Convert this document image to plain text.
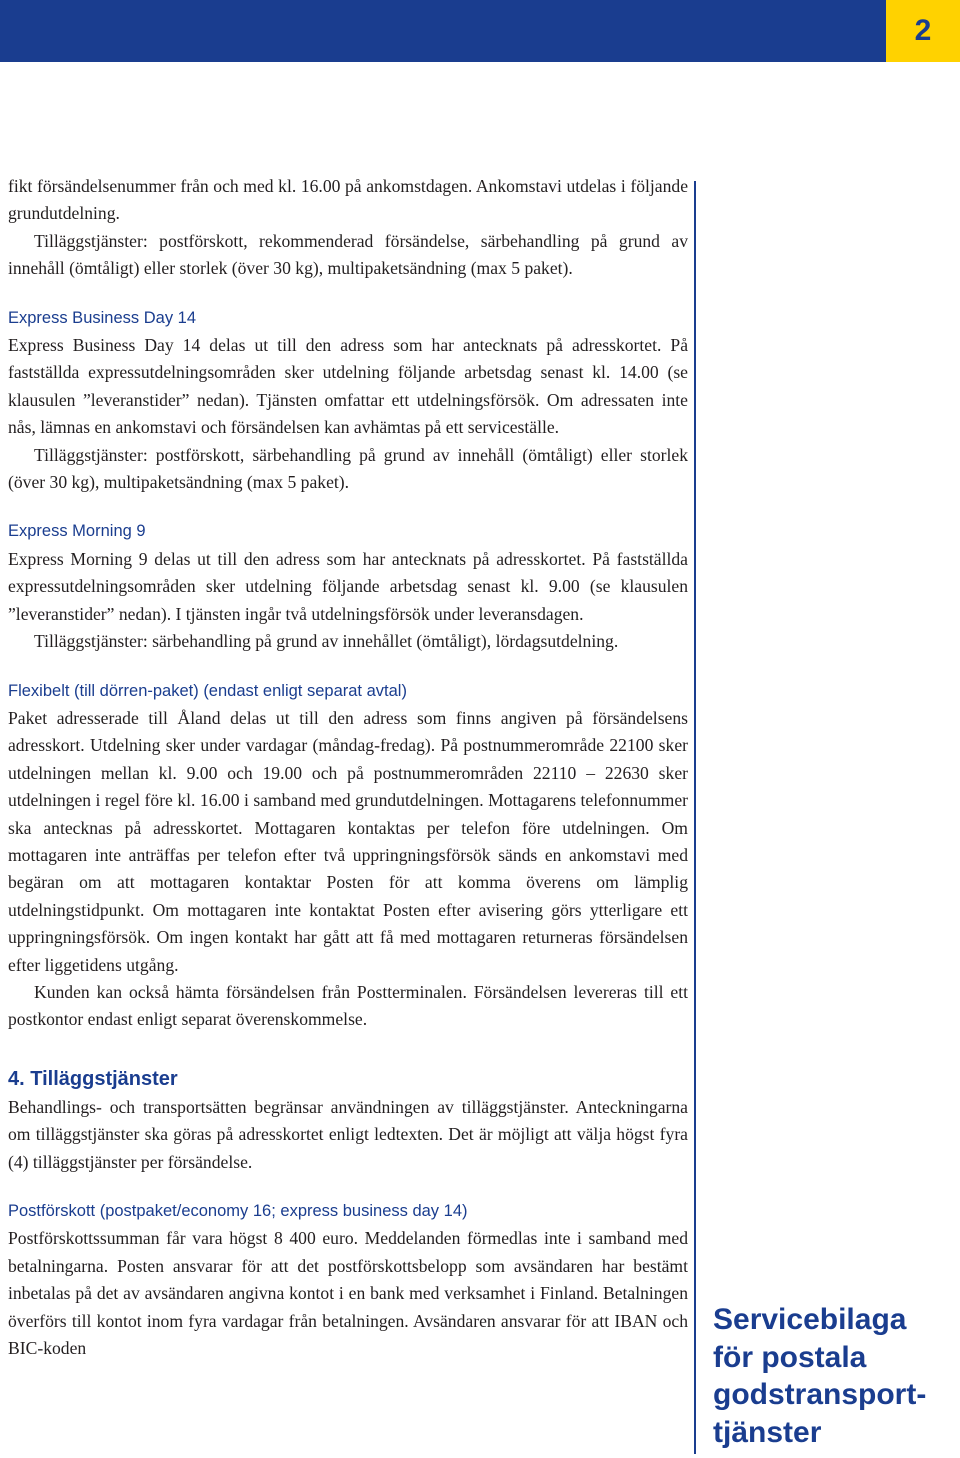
2

fikt försändelsenummer från och med kl. 16.00 på ankomstdagen. Ankomstavi utdelas i följande grundutdelning.

Tilläggstjänster: postförskott, rekommenderad försändelse, särbehandling på grund av innehåll (ömtåligt) eller storlek (över 30 kg), multipaketsändning (max 5 paket).

Express Business Day 14

Express Business Day 14 delas ut till den adress som har antecknats på adresskortet. På fastställda expressutdelningsområden sker utdelning följande arbetsdag senast kl. 14.00 (se klausulen ”leveranstider” nedan). Tjänsten omfattar ett utdelningsförsök. Om adressaten inte nås, lämnas en ankomstavi och försändelsen kan avhämtas på ett serviceställe.

Tilläggstjänster: postförskott, särbehandling på grund av innehåll (ömtåligt) eller storlek (över 30 kg), multipaketsändning (max 5 paket).

Express Morning 9

Express Morning 9 delas ut till den adress som har antecknats på adresskortet. På fastställda expressutdelningsområden sker utdelning följande arbetsdag senast kl. 9.00 (se klausulen ”leveranstider” nedan). I tjänsten ingår två utdelningsförsök under leveransdagen.

Tilläggstjänster: särbehandling på grund av innehållet (ömtåligt), lördagsutdelning.

Flexibelt (till dörren-paket) (endast enligt separat avtal)

Paket adresserade till Åland delas ut till den adress som finns angiven på försändelsens adresskort. Utdelning sker under vardagar (måndag-fredag). På postnummerområde 22100 sker utdelningen mellan kl. 9.00 och 19.00 och på postnummerområden 22110 – 22630 sker utdelningen i regel före kl. 16.00 i samband med grundutdelningen. Mottagarens telefonnummer ska antecknas på adresskortet. Mottagaren kontaktas per telefon före utdelningen. Om mottagaren inte anträffas per telefon efter två uppringningsförsök sänds en ankomstavi med begäran om att mottagaren kontaktar Posten för att komma överens om lämplig utdelningstidpunkt. Om mottagaren inte kontaktat Posten efter avisering görs ytterligare ett uppringningsförsök. Om ingen kontakt har gått att få med mottagaren returneras försändelsen efter liggetidens utgång.

Kunden kan också hämta försändelsen från Postterminalen. Försändelsen levereras till ett postkontor endast enligt separat överenskommelse.

4. Tilläggstjänster

Behandlings- och transportsätten begränsar användningen av tilläggstjänster. Anteckningarna om tilläggstjänster ska göras på adresskortet enligt ledtexten. Det är möjligt att välja högst fyra (4) tilläggstjänster per försändelse.

Postförskott (postpaket/economy 16; express business day 14)

Postförskottssumman får vara högst 8 400 euro. Meddelanden förmedlas inte i samband med betalningarna. Posten ansvarar för att det postförskottsbelopp som avsändaren har bestämt inbetalas på det av avsändaren angivna kontot i en bank med verksamhet i Finland. Betalningen överförs till kontot inom fyra vardagar från betalningen. Avsändaren ansvarar för att IBAN och BIC-koden

Servicebilaga
för postala
godstransport-
tjänster
